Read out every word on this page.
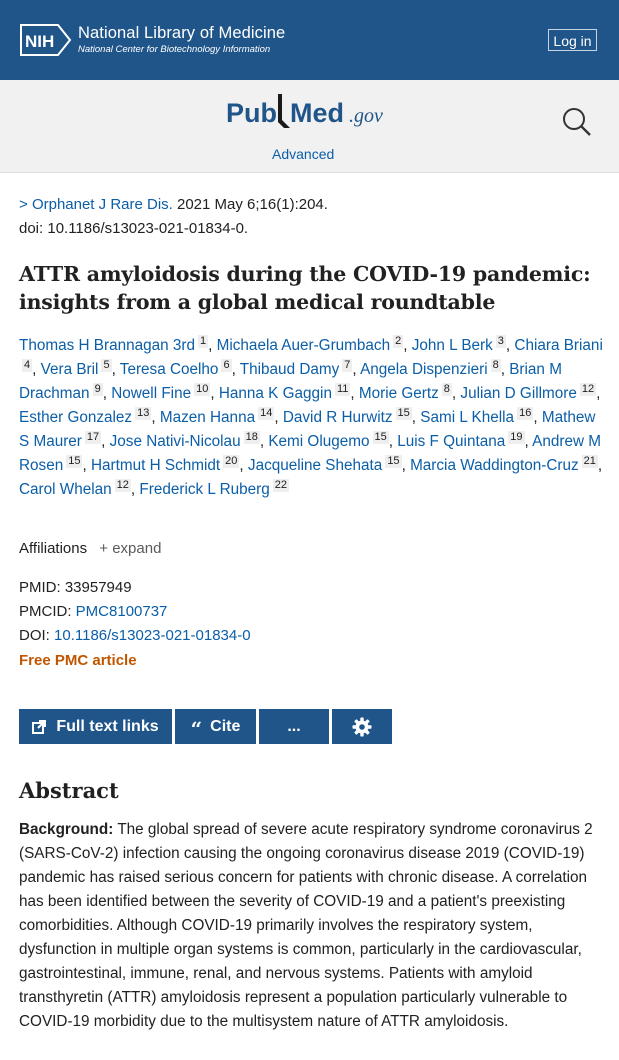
NIH National Library of Medicine
National Center for Biotechnology Information
Log in
Pub Med .gov
Advanced
> Orphanet J Rare Dis. 2021 May 6;16(1):204.
doi: 10.1186/s13023-021-01834-0.
ATTR amyloidosis during the COVID-19 pandemic: insights from a global medical roundtable
Thomas H Brannagan 3rd 1 , Michaela Auer-Grumbach 2 , John L Berk 3 , Chiara Briani4 , Vera Bril 5 , Teresa Coelho 6 , Thibaud Damy 7 , Angela Dispenzieri 8 , Brian M Drachman 9 , Nowell Fine 10 , Hanna K Gaggin 11 , Morie Gertz 8 , Julian D Gillmore 12 , Esther Gonzalez 13 , Mazen Hanna 14 , David R Hurwitz 15 , Sami L Khella 16 , Mathew S Maurer 17 , Jose Nativi-Nicolau 18 , Kemi Olugemo 15 , Luis F Quintana 19 , Andrew M Rosen 15 , Hartmut H Schmidt 20 , Jacqueline Shehata 15 , Marcia Waddington-Cruz 21 , Carol Whelan 12 , Frederick L Ruberg 22
Affiliations + expand
PMID: 33957949
PMCID: PMC8100737
DOI: 10.1186/s13023-021-01834-0
Free PMC article
Full text links “ Cite	...
Abstract
Background: The global spread of severe acute respiratory syndrome coronavirus 2 (SARS-CoV-2) infection causing the ongoing coronavirus disease 2019 (COVID-19) pandemic has raised serious concern for patients with chronic disease. A correlation has been identified between the severity of COVID-19 and a patient's preexisting comorbidities. Although COVID-19 primarily involves the respiratory system, dysfunction in multiple organ systems is common, particularly in the cardiovascular, gastrointestinal, immune, renal, and nervous systems. Patients with amyloid transthyretin (ATTR) amyloidosis represent a population particularly vulnerable to COVID-19 morbidity due to the multisystem nature of ATTR amyloidosis.
